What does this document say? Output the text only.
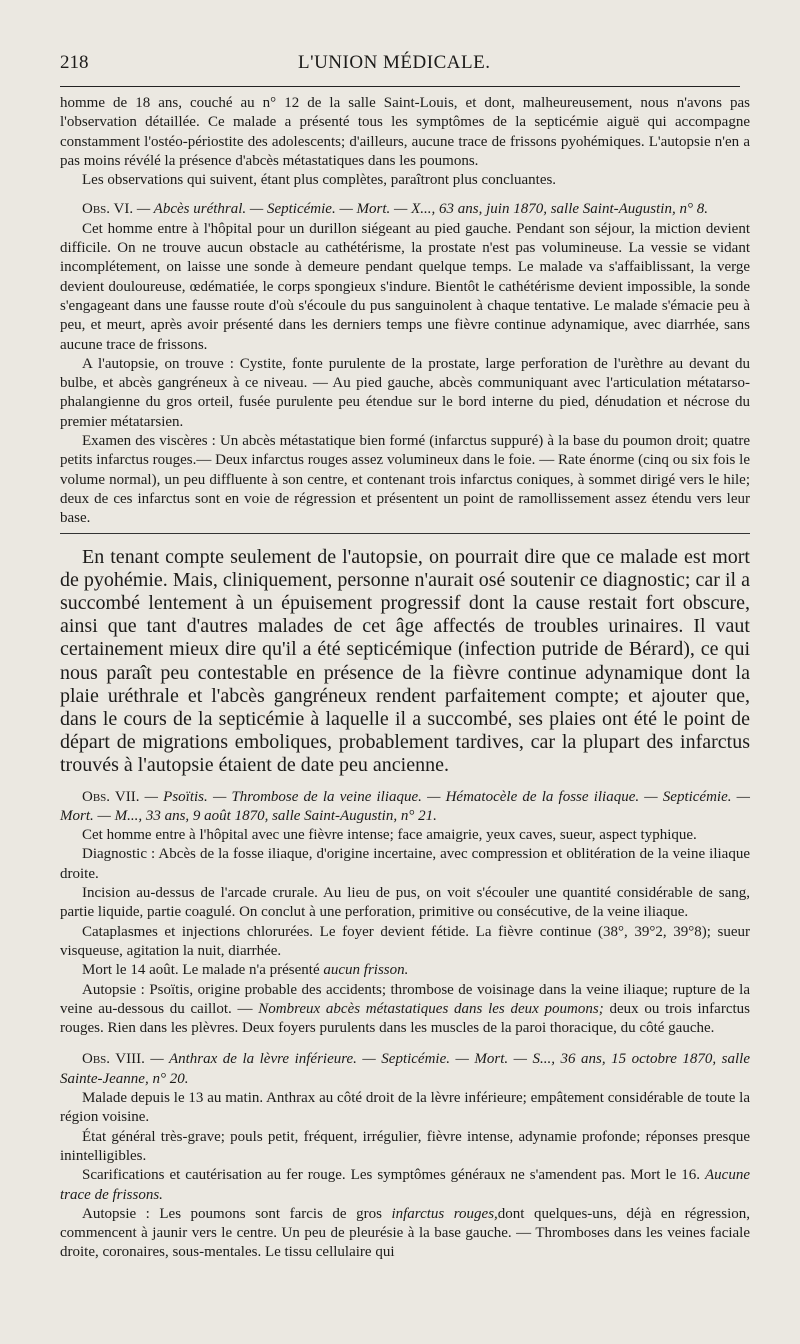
218	L'UNION MÉDICALE.

homme de 18 ans, couché au n° 12 de la salle Saint-Louis, et dont, malheureusement, nous n'avons pas l'observation détaillée. Ce malade a présenté tous les symptômes de la septicémie aiguë qui accompagne constamment l'ostéo-périostite des adolescents; d'ailleurs, aucune trace de frissons pyohémiques. L'autopsie n'en a pas moins révélé la présence d'abcès métastatiques dans les poumons.

Les observations qui suivent, étant plus complètes, paraîtront plus concluantes.

Obs. VI. — Abcès uréthral. — Septicémie. — Mort. — X..., 63 ans, juin 1870, salle Saint-Augustin, n° 8.

Cet homme entre à l'hôpital pour un durillon siégeant au pied gauche. Pendant son séjour, la miction devient difficile. On ne trouve aucun obstacle au cathétérisme, la prostate n'est pas volumineuse. La vessie se vidant incomplétement, on laisse une sonde à demeure pendant quelque temps. Le malade va s'affaiblissant, la verge devient douloureuse, œdématiée, le corps spongieux s'indure. Bientôt le cathétérisme devient impossible, la sonde s'engageant dans une fausse route d'où s'écoule du pus sanguinolent à chaque tentative. Le malade s'émacie peu à peu, et meurt, après avoir présenté dans les derniers temps une fièvre continue adynamique, avec diarrhée, sans aucune trace de frissons.

A l'autopsie, on trouve : Cystite, fonte purulente de la prostate, large perforation de l'urèthre au devant du bulbe, et abcès gangréneux à ce niveau. — Au pied gauche, abcès communiquant avec l'articulation métatarso-phalangienne du gros orteil, fusée purulente peu étendue sur le bord interne du pied, dénudation et nécrose du premier métatarsien.

Examen des viscères : Un abcès métastatique bien formé (infarctus suppuré) à la base du poumon droit; quatre petits infarctus rouges.— Deux infarctus rouges assez volumineux dans le foie. — Rate énorme (cinq ou six fois le volume normal), un peu diffluente à son centre, et contenant trois infarctus coniques, à sommet dirigé vers le hile; deux de ces infarctus sont en voie de régression et présentent un point de ramollissement assez étendu vers leur base.

En tenant compte seulement de l'autopsie, on pourrait dire que ce malade est mort de pyohémie. Mais, cliniquement, personne n'aurait osé soutenir ce diagnostic; car il a succombé lentement à un épuisement progressif dont la cause restait fort obscure, ainsi que tant d'autres malades de cet âge affectés de troubles urinaires. Il vaut certainement mieux dire qu'il a été septicémique (infection putride de Bérard), ce qui nous paraît peu contestable en présence de la fièvre continue adynamique dont la plaie uréthrale et l'abcès gangréneux rendent parfaitement compte; et ajouter que, dans le cours de la septicémie à laquelle il a succombé, ses plaies ont été le point de départ de migrations emboliques, probablement tardives, car la plupart des infarctus trouvés à l'autopsie étaient de date peu ancienne.

Obs. VII. — Psoïtis. — Thrombose de la veine iliaque. — Hématocèle de la fosse iliaque. — Septicémie. — Mort. — M..., 33 ans, 9 août 1870, salle Saint-Augustin, n° 21.

Cet homme entre à l'hôpital avec une fièvre intense; face amaigrie, yeux caves, sueur, aspect typhique.

Diagnostic : Abcès de la fosse iliaque, d'origine incertaine, avec compression et oblitération de la veine iliaque droite.

Incision au-dessus de l'arcade crurale. Au lieu de pus, on voit s'écouler une quantité considérable de sang, partie liquide, partie coagulé. On conclut à une perforation, primitive ou consécutive, de la veine iliaque.

Cataplasmes et injections chlorurées. Le foyer devient fétide. La fièvre continue (38°, 39°2, 39°8); sueur visqueuse, agitation la nuit, diarrhée.

Mort le 14 août. Le malade n'a présenté aucun frisson.

Autopsie : Psoïtis, origine probable des accidents; thrombose de voisinage dans la veine iliaque; rupture de la veine au-dessous du caillot. — Nombreux abcès métastatiques dans les deux poumons; deux ou trois infarctus rouges. Rien dans les plèvres. Deux foyers purulents dans les muscles de la paroi thoracique, du côté gauche.

Obs. VIII. — Anthrax de la lèvre inférieure. — Septicémie. — Mort. — S..., 36 ans, 15 octobre 1870, salle Sainte-Jeanne, n° 20.

Malade depuis le 13 au matin. Anthrax au côté droit de la lèvre inférieure; empâtement considérable de toute la région voisine.

État général très-grave; pouls petit, fréquent, irrégulier, fièvre intense, adynamie profonde; réponses presque inintelligibles.

Scarifications et cautérisation au fer rouge. Les symptômes généraux ne s'amendent pas. Mort le 16. Aucune trace de frissons.

Autopsie : Les poumons sont farcis de gros infarctus rouges,dont quelques-uns, déjà en régression, commencent à jaunir vers le centre. Un peu de pleurésie à la base gauche. — Thromboses dans les veines faciale droite, coronaires, sous-mentales. Le tissu cellulaire qui
